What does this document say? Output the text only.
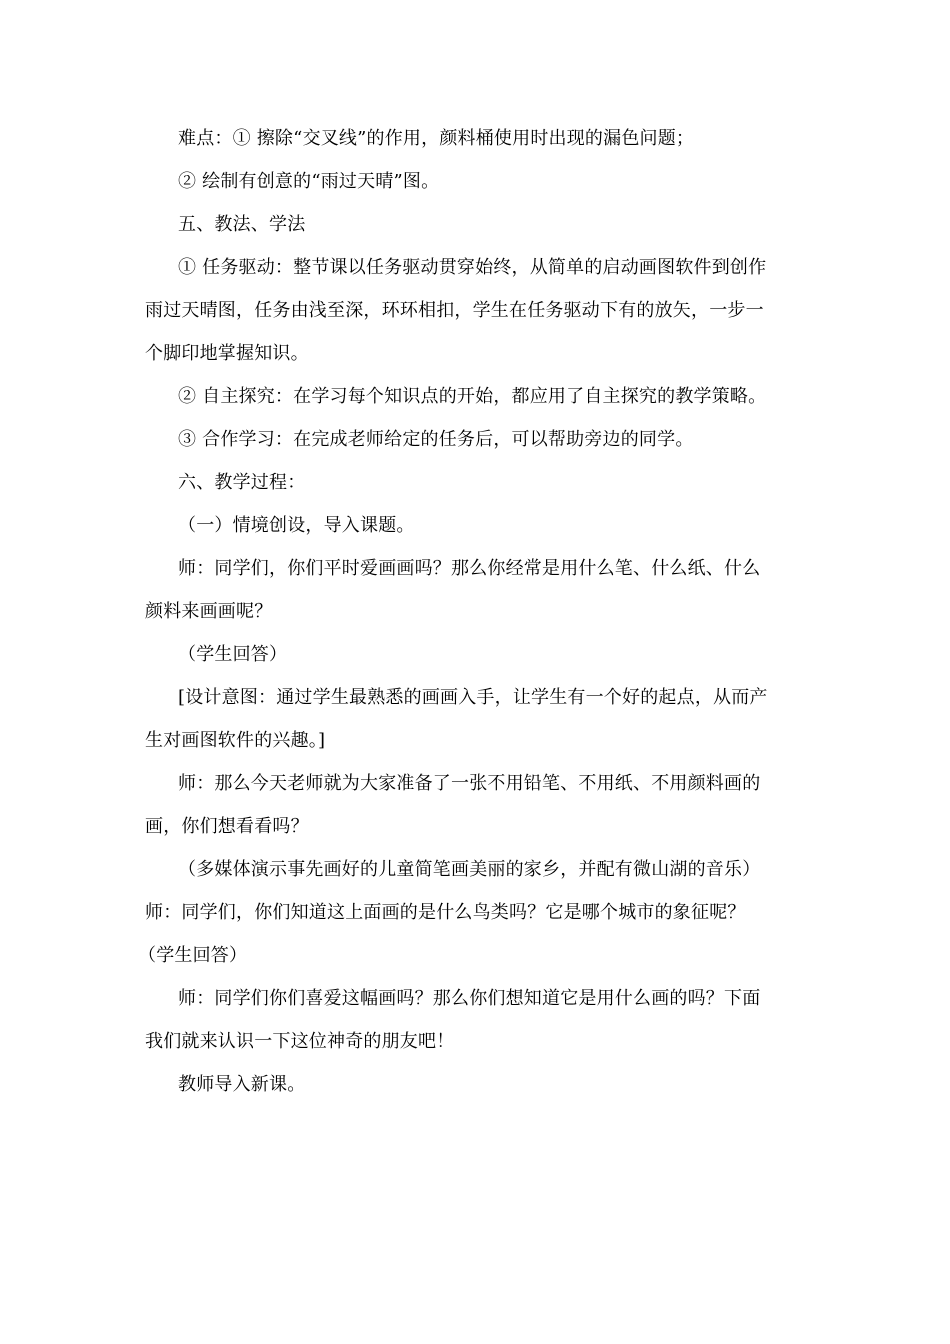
难点：① 擦除“交叉线”的作用，颜料桶使用时出现的漏色问题；
② 绘制有创意的“雨过天晴”图。
五、教法、学法
① 任务驱动：整节课以任务驱动贯穿始终，从简单的启动画图软件到创作
雨过天晴图，任务由浅至深，环环相扣，学生在任务驱动下有的放矢，一步一
个脚印地掌握知识。
② 自主探究：在学习每个知识点的开始，都应用了自主探究的教学策略。
③ 合作学习：在完成老师给定的任务后，可以帮助旁边的同学。
六、教学过程：
（一）情境创设，导入课题。
师：同学们，你们平时爱画画吗？那么你经常是用什么笔、什么纸、什么
颜料来画画呢？
（学生回答）
[设计意图：通过学生最熟悉的画画入手，让学生有一个好的起点，从而产
生对画图软件的兴趣。]
师：那么今天老师就为大家准备了一张不用铅笔、不用纸、不用颜料画的
画，你们想看看吗？
（多媒体演示事先画好的儿童简笔画美丽的家乡，并配有微山湖的音乐）
师：同学们，你们知道这上面画的是什么鸟类吗？它是哪个城市的象征呢？
（学生回答）
师：同学们你们喜爱这幅画吗？那么你们想知道它是用什么画的吗？下面
我们就来认识一下这位神奇的朋友吧！
教师导入新课。
